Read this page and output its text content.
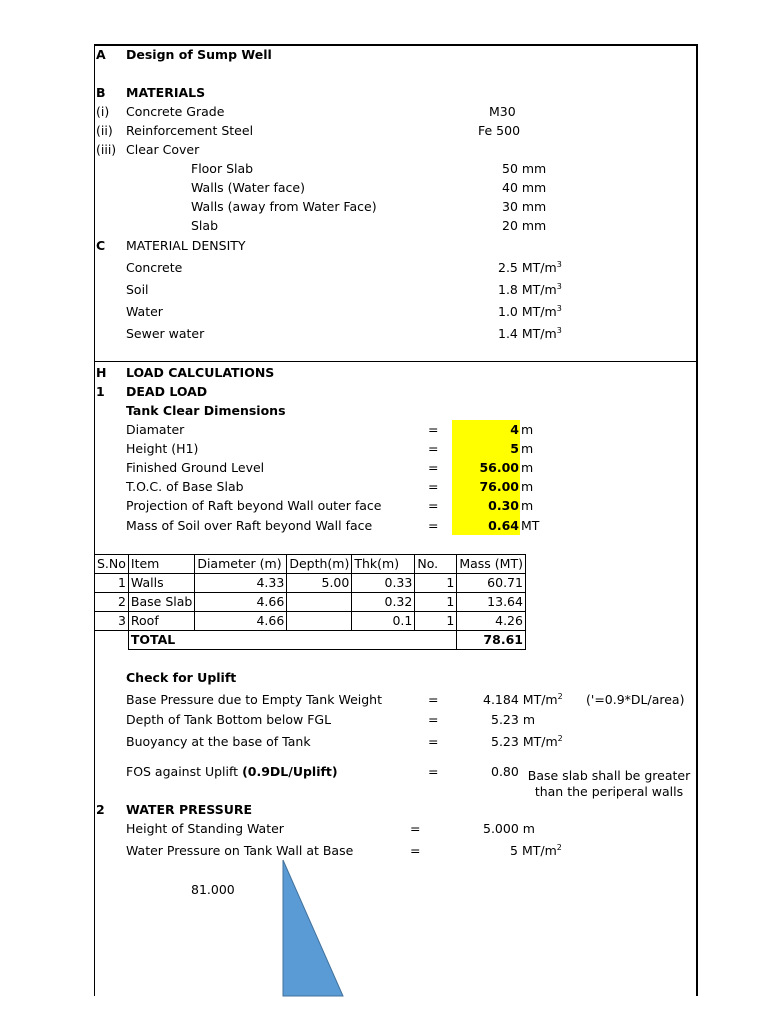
A Design of Sump Well
B MATERIALS
(i) Concrete Grade	M30
(ii) Reinforcement Steel	Fe 500
(iii) Clear Cover
Floor Slab	50 mm
Walls (Water face)	40 mm
Walls (away from Water Face)	30 mm
Slab	20 mm
C MATERIAL DENSITY
Concrete	2.5 $MT/m^3$
Soil	1.8 $MT/m^3$
Water	1.0 $MT/m^3$
Sewer water	1.4 $MT/m^3$
H LOAD CALCULATIONS
1 DEAD LOAD
Tank Clear Dimensions
Diamater	=	4 m
Height (H1)	=	5 m
Finished Ground Level	=	56.00 m
T.O.C. of Base Slab	=	76.00 m
Projection of Raft beyond Wall outer face	=	0.30 m
Mass of Soil over Raft beyond Wall face	=	0.64 MT
S.No	Item	Diameter (m)	Depth(m)	Thk(m)	No.	Mass (MT)
1	Walls	4.33	5.00	0.33	1	60.71
2	Base Slab	4.66		0.32	1	13.64
3	Roof	4.66		0.1	1	4.26
	TOTAL					78.61
Check for Uplift
Base Pressure due to Empty Tank Weight	=	4.184 $MT/m^2$ ('=0.9*DL/area)
Depth of Tank Bottom below FGL	=	5.23 m
Buoyancy at the base of Tank	=	5.23 $MT/m^2$
FOS against Uplift (0.9DL/Uplift)	=	0.80 Base slab shall be greater
than the periperal walls
2 WATER PRESSURE
Height of Standing Water	=	5.000 m
Water Pressure on Tank Wall at Base	=	5 $MT/m^2$
81.000
